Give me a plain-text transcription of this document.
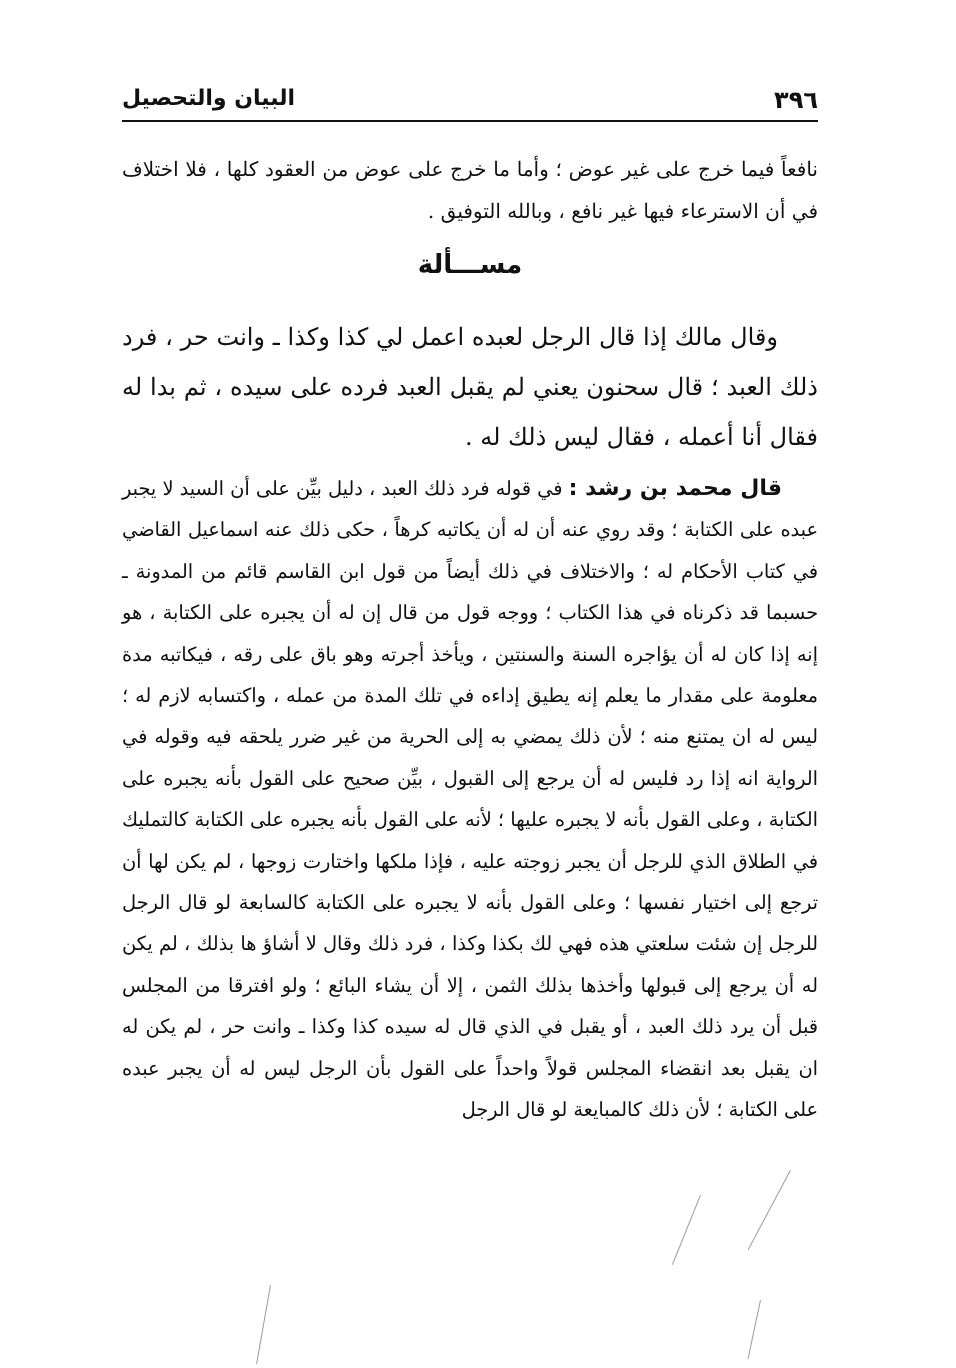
٣٩٦
البيان والتحصيل
نافعاً فيما خرج على غير عوض ؛ وأما ما خرج على عوض من العقود كلها ، فلا اختلاف في أن الاسترعاء فيها غير نافع ، وبالله التوفيق .
مســـألة
وقال مالك إذا قال الرجل لعبده اعمل لي كذا وكذا ـ وانت حر ، فرد ذلك العبد ؛ قال سحنون يعني لم يقبل العبد فرده على سيده ، ثم بدا له فقال أنا أعمله ، فقال ليس ذلك له .
قال محمد بن رشد : في قوله فرد ذلك العبد ، دليل بيِّن على أن السيد لا يجبر عبده على الكتابة ؛ وقد روي عنه أن له أن يكاتبه كرهاً ، حكى ذلك عنه اسماعيل القاضي في كتاب الأحكام له ؛ والاختلاف في ذلك أيضاً من قول ابن القاسم قائم من المدونة ـ حسبما قد ذكرناه في هذا الكتاب ؛ ووجه قول من قال إن له أن يجبره على الكتابة ، هو إنه إذا كان له أن يؤاجره السنة والسنتين ، ويأخذ أجرته وهو باق على رقه ، فيكاتبه مدة معلومة على مقدار ما يعلم إنه يطيق إداءه في تلك المدة من عمله ، واكتسابه لازم له ؛ ليس له ان يمتنع منه ؛ لأن ذلك يمضي به إلى الحرية من غير ضرر يلحقه فيه وقوله في الرواية انه إذا رد فليس له أن يرجع إلى القبول ، بيِّن صحيح على القول بأنه يجبره على الكتابة ، وعلى القول بأنه لا يجبره عليها ؛ لأنه على القول بأنه يجبره على الكتابة كالتمليك في الطلاق الذي للرجل أن يجبر زوجته عليه ، فإذا ملكها واختارت زوجها ، لم يكن لها أن ترجع إلى اختيار نفسها ؛ وعلى القول بأنه لا يجبره على الكتابة كالسابعة لو قال الرجل للرجل إن شئت سلعتي هذه فهي لك بكذا وكذا ، فرد ذلك وقال لا أشاؤ ها بذلك ، لم يكن له أن يرجع إلى قبولها وأخذها بذلك الثمن ، إلا أن يشاء البائع ؛ ولو افترقا من المجلس قبل أن يرد ذلك العبد ، أو يقبل في الذي قال له سيده كذا وكذا ـ وانت حر ، لم يكن له ان يقبل بعد انقضاء المجلس قولاً واحداً على القول بأن الرجل ليس له أن يجبر عبده على الكتابة ؛ لأن ذلك كالمبايعة لو قال الرجل
